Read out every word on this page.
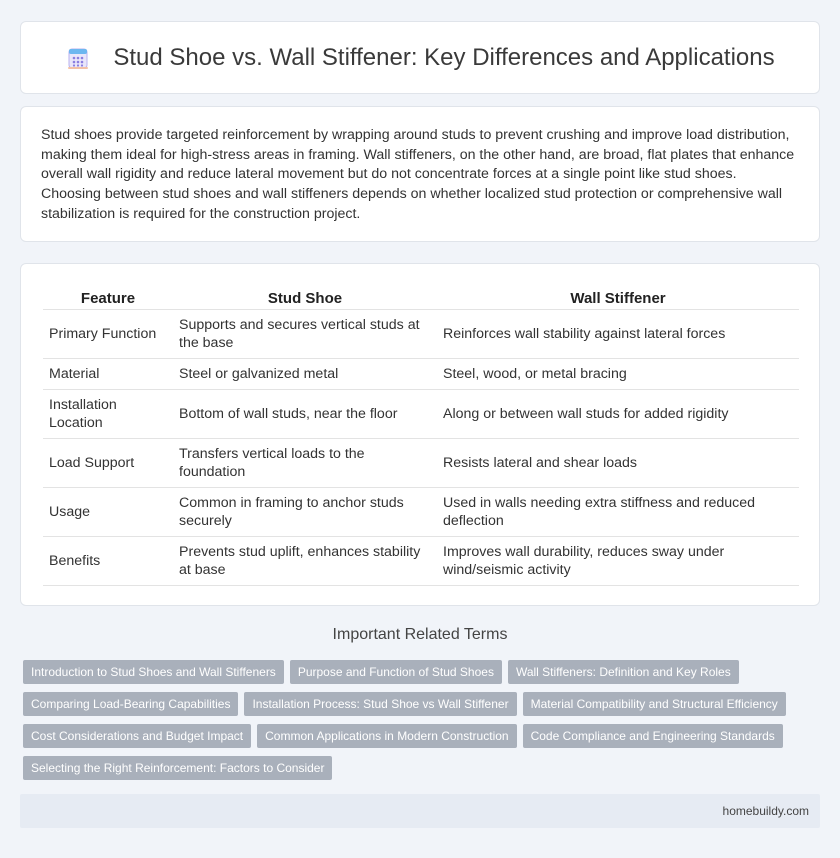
Stud Shoe vs. Wall Stiffener: Key Differences and Applications

Stud shoes provide targeted reinforcement by wrapping around studs to prevent crushing and improve load distribution, making them ideal for high-stress areas in framing. Wall stiffeners, on the other hand, are broad, flat plates that enhance overall wall rigidity and reduce lateral movement but do not concentrate forces at a single point like stud shoes. Choosing between stud shoes and wall stiffeners depends on whether localized stud protection or comprehensive wall stabilization is required for the construction project.

Feature	Stud Shoe	Wall Stiffener
Primary Function	Supports and secures vertical studs at the base	Reinforces wall stability against lateral forces
Material	Steel or galvanized metal	Steel, wood, or metal bracing
Installation Location	Bottom of wall studs, near the floor	Along or between wall studs for added rigidity
Load Support	Transfers vertical loads to the foundation	Resists lateral and shear loads
Usage	Common in framing to anchor studs securely	Used in walls needing extra stiffness and reduced deflection
Benefits	Prevents stud uplift, enhances stability at base	Improves wall durability, reduces sway under wind/seismic activity
Important Related Terms
Introduction to Stud Shoes and Wall Stiffeners Purpose and Function of Stud Shoes Wall Stiffeners: Definition and Key Roles
Comparing Load-Bearing Capabilities Installation Process: Stud Shoe vs Wall Stiffener Material Compatibility and Structural Efficiency
Cost Considerations and Budget Impact Common Applications in Modern Construction Code Compliance and Engineering Standards
Selecting the Right Reinforcement: Factors to Consider
homebuildy.com
